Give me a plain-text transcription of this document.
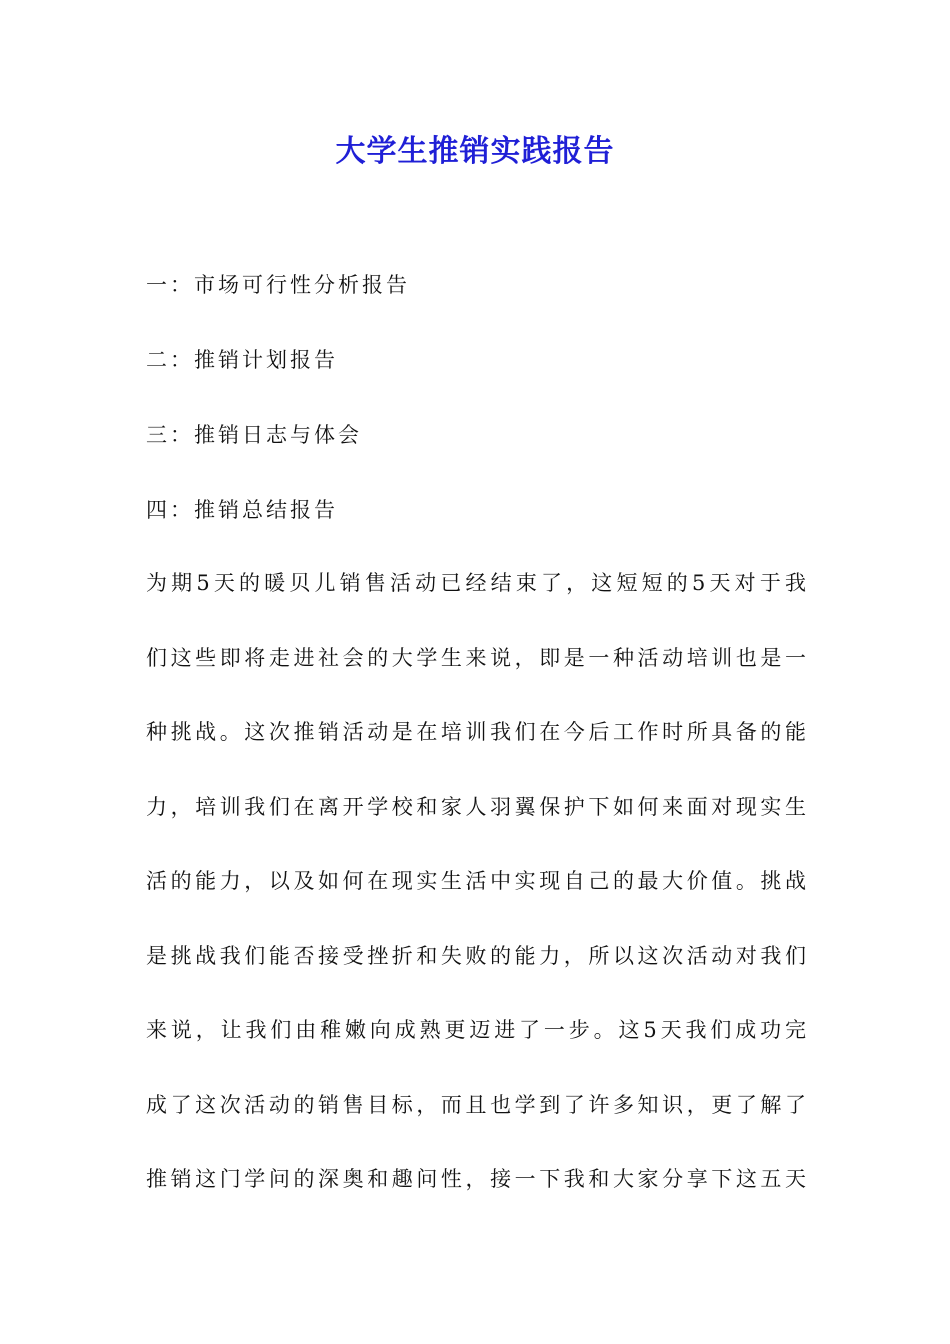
大学生推销实践报告
一：市场可行性分析报告
二：推销计划报告
三：推销日志与体会
四：推销总结报告
为期5天的暖贝儿销售活动已经结束了，这短短的5天对于我
们这些即将走进社会的大学生来说，即是一种活动培训也是一
种挑战。这次推销活动是在培训我们在今后工作时所具备的能
力，培训我们在离开学校和家人羽翼保护下如何来面对现实生
活的能力，以及如何在现实生活中实现自己的最大价值。挑战
是挑战我们能否接受挫折和失败的能力，所以这次活动对我们
来说，让我们由稚嫩向成熟更迈进了一步。这5天我们成功完
成了这次活动的销售目标，而且也学到了许多知识，更了解了
推销这门学问的深奥和趣问性，接一下我和大家分享下这五天
